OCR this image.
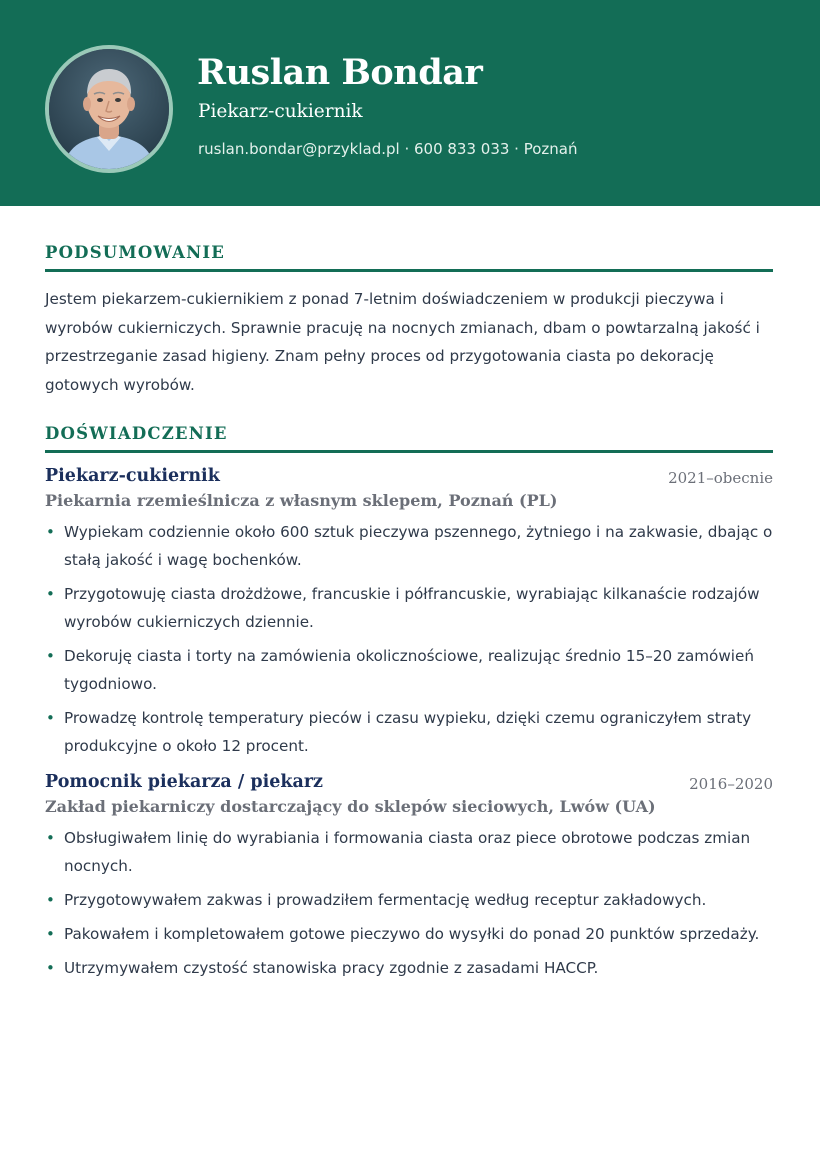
Ruslan Bondar
Piekarz-cukiernik
ruslan.bondar@przyklad.pl · 600 833 033 · Poznań
PODSUMOWANIE
Jestem piekarzem-cukiernikiem z ponad 7-letnim doświadczeniem w produkcji pieczywa i wyrobów cukierniczych. Sprawnie pracuję na nocnych zmianach, dbam o powtarzalną jakość i przestrzeganie zasad higieny. Znam pełny proces od przygotowania ciasta po dekorację gotowych wyrobów.
DOŚWIADCZENIE
Piekarz-cukiernik	2021–obecnie
Piekarnia rzemieślnicza z własnym sklepem, Poznań (PL)
• Wypiekam codziennie około 600 sztuk pieczywa pszennego, żytniego i na zakwasie, dbając o stałą jakość i wagę bochenków.
• Przygotowuję ciasta drożdżowe, francuskie i półfrancuskie, wyrabiając kilkanaście rodzajów wyrobów cukierniczych dziennie.
• Dekoruję ciasta i torty na zamówienia okolicznościowe, realizując średnio 15–20 zamówień tygodniowo.
• Prowadzę kontrolę temperatury pieców i czasu wypieku, dzięki czemu ograniczyłem straty produkcyjne o około 12 procent.
Pomocnik piekarza / piekarz	2016–2020
Zakład piekarniczy dostarczający do sklepów sieciowych, Lwów (UA)
• Obsługiwałem linię do wyrabiania i formowania ciasta oraz piece obrotowe podczas zmian nocnych.
• Przygotowywałem zakwas i prowadziłem fermentację według receptur zakładowych.
• Pakowałem i kompletowałem gotowe pieczywo do wysyłki do ponad 20 punktów sprzedaży.
• Utrzymywałem czystość stanowiska pracy zgodnie z zasadami HACCP.
